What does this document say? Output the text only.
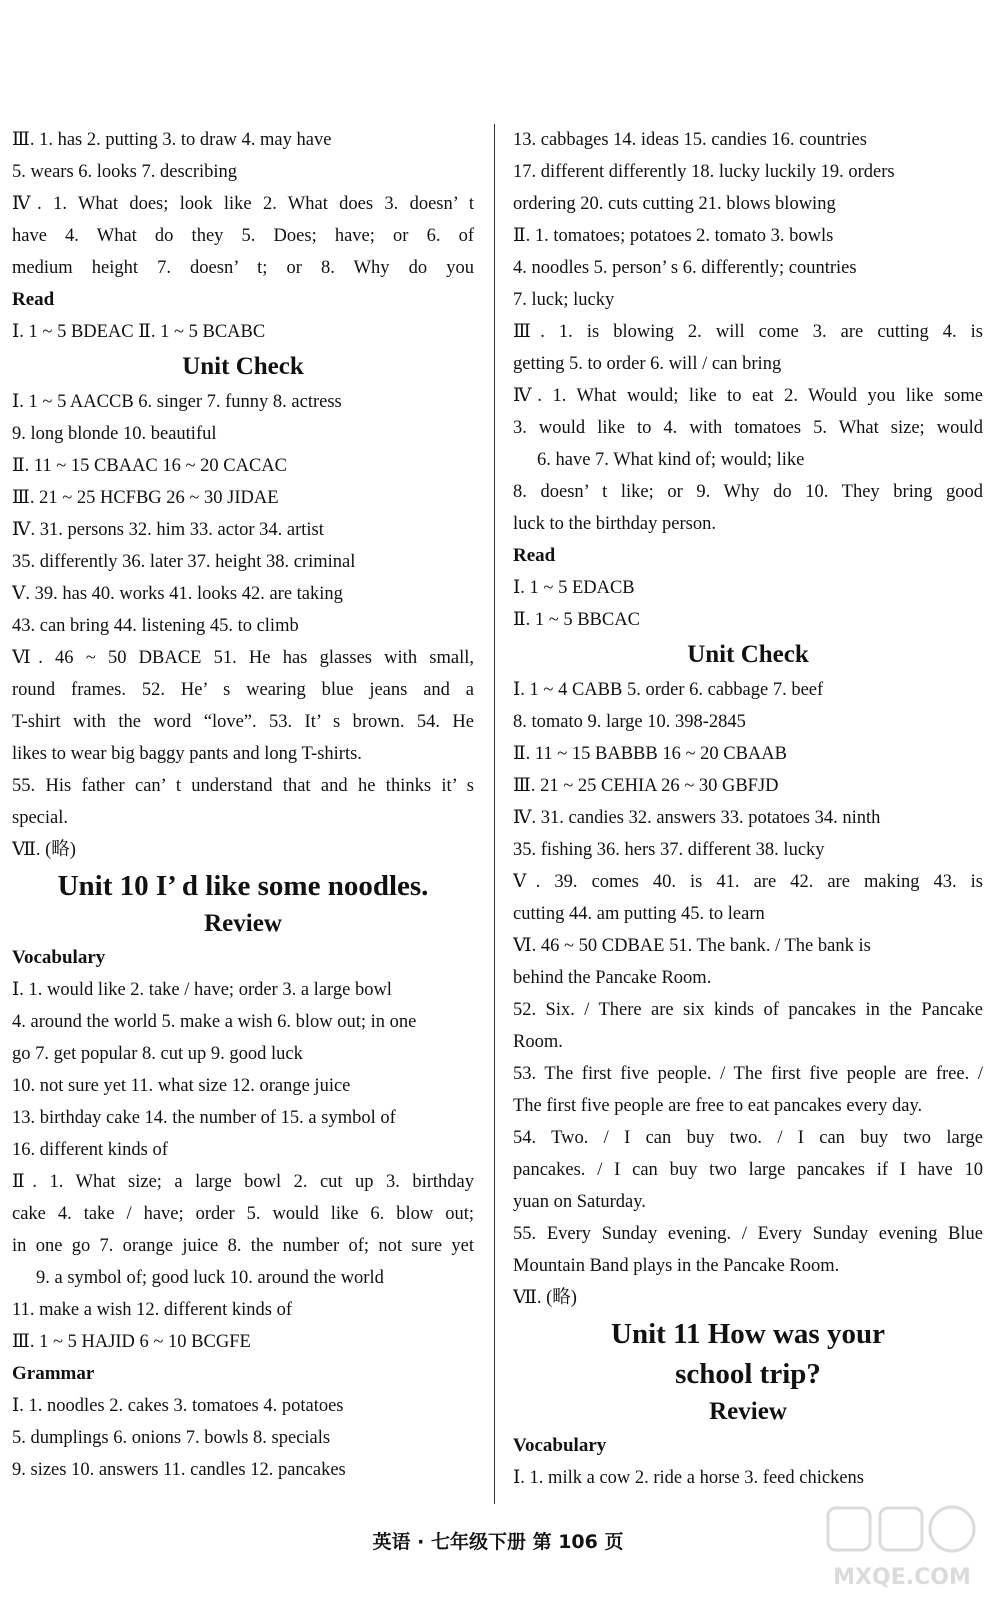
Ⅲ. 1. has 2. putting 3. to draw 4. may have
5. wears 6. looks 7. describing
Ⅳ. 1. What does; look like 2. What does 3. doesn’ t
have 4. What do they 5. Does; have; or 6. of
medium height 7. doesn’ t; or 8. Why do you
Read
Ⅰ. 1 ~ 5 BDEAC Ⅱ. 1 ~ 5 BCABC
Unit Check
Ⅰ. 1 ~ 5 AACCB 6. singer 7. funny 8. actress
9. long blonde 10. beautiful
Ⅱ. 11 ~ 15 CBAAC 16 ~ 20 CACAC
Ⅲ. 21 ~ 25 HCFBG 26 ~ 30 JIDAE
Ⅳ. 31. persons 32. him 33. actor 34. artist
35. differently 36. later 37. height 38. criminal
Ⅴ. 39. has 40. works 41. looks 42. are taking
43. can bring 44. listening 45. to climb
Ⅵ. 46 ~ 50 DBACE 51. He has glasses with small,
round frames. 52. He’ s wearing blue jeans and a
T-shirt with the word “love”. 53. It’ s brown. 54. He
likes to wear big baggy pants and long T-shirts.
55. His father can’ t understand that and he thinks it’ s
special.
Ⅶ. (略)
Unit 10 I’ d like some noodles.
Review
Vocabulary
Ⅰ. 1. would like 2. take / have; order 3. a large bowl
4. around the world 5. make a wish 6. blow out; in one
go 7. get popular 8. cut up 9. good luck
10. not sure yet 11. what size 12. orange juice
13. birthday cake 14. the number of 15. a symbol of
16. different kinds of
Ⅱ. 1. What size; a large bowl 2. cut up 3. birthday
cake 4. take / have; order 5. would like 6. blow out;
in one go 7. orange juice 8. the number of; not sure yet
9. a symbol of; good luck 10. around the world
11. make a wish 12. different kinds of
Ⅲ. 1 ~ 5 HAJID 6 ~ 10 BCGFE
Grammar
Ⅰ. 1. noodles 2. cakes 3. tomatoes 4. potatoes
5. dumplings 6. onions 7. bowls 8. specials
9. sizes 10. answers 11. candles 12. pancakes
13. cabbages 14. ideas 15. candies 16. countries
17. different differently 18. lucky luckily 19. orders
ordering 20. cuts cutting 21. blows blowing
Ⅱ. 1. tomatoes; potatoes 2. tomato 3. bowls
4. noodles 5. person’ s 6. differently; countries
7. luck; lucky
Ⅲ. 1. is blowing 2. will come 3. are cutting 4. is
getting 5. to order 6. will / can bring
Ⅳ. 1. What would; like to eat 2. Would you like some
3. would like to 4. with tomatoes 5. What size; would
6. have 7. What kind of; would; like
8. doesn’ t like; or 9. Why do 10. They bring good
luck to the birthday person.
Read
Ⅰ. 1 ~ 5 EDACB
Ⅱ. 1 ~ 5 BBCAC
Unit Check
Ⅰ. 1 ~ 4 CABB 5. order 6. cabbage 7. beef
8. tomato 9. large 10. 398-2845
Ⅱ. 11 ~ 15 BABBB 16 ~ 20 CBAAB
Ⅲ. 21 ~ 25 CEHIA 26 ~ 30 GBFJD
Ⅳ. 31. candies 32. answers 33. potatoes 34. ninth
35. fishing 36. hers 37. different 38. lucky
Ⅴ. 39. comes 40. is 41. are 42. are making 43. is
cutting 44. am putting 45. to learn
Ⅵ. 46 ~ 50 CDBAE 51. The bank. / The bank is
behind the Pancake Room.
52. Six. / There are six kinds of pancakes in the Pancake
Room.
53. The first five people. / The first five people are free. /
The first five people are free to eat pancakes every day.
54. Two. / I can buy two. / I can buy two large
pancakes. / I can buy two large pancakes if I have 10
yuan on Saturday.
55. Every Sunday evening. / Every Sunday evening Blue
Mountain Band plays in the Pancake Room.
Ⅶ. (略)
Unit 11 How was your
school trip?
Review
Vocabulary
Ⅰ. 1. milk a cow 2. ride a horse 3. feed chickens
英语 · 七年级下册 第 106 页
MXQE.COM
